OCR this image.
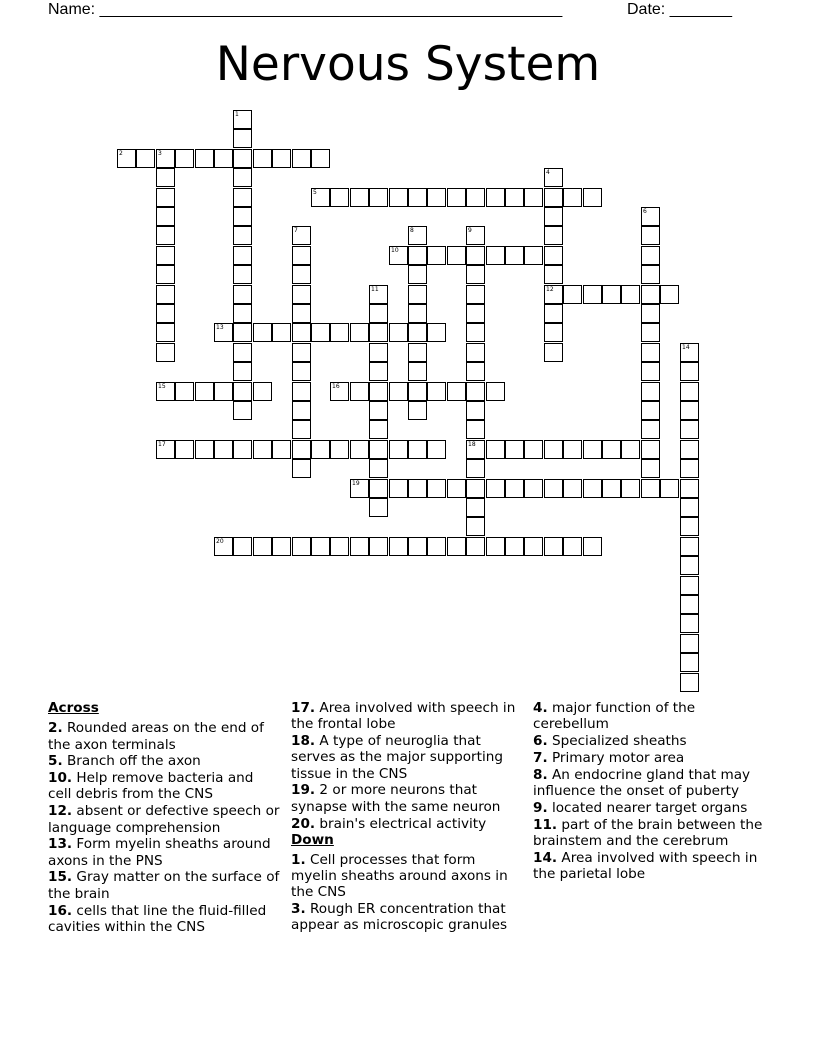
Name: ____________________________________________________	Date: _______
Nervous System
2	3
5
10
12
13
15	16
17	18
19
20
1
4
6
7	8	9
11
14
Across
2. Rounded areas on the end of the axon terminals
5. Branch off the axon
10. Help remove bacteria and cell debris from the CNS
12. absent or defective speech or language comprehension
13. Form myelin sheaths around axons in the PNS
15. Gray matter on the surface of the brain
16. cells that line the fluid-filled cavities within the CNS
17. Area involved with speech in the frontal lobe
18. A type of neuroglia that serves as the major supporting tissue in the CNS
19. 2 or more neurons that synapse with the same neuron
20. brain's electrical activity
Down
1. Cell processes that form myelin sheaths around axons in the CNS
3. Rough ER concentration that appear as microscopic granules
4. major function of the cerebellum
6. Specialized sheaths
7. Primary motor area
8. An endocrine gland that may influence the onset of puberty
9. located nearer target organs
11. part of the brain between the brainstem and the cerebrum
14. Area involved with speech in the parietal lobe
